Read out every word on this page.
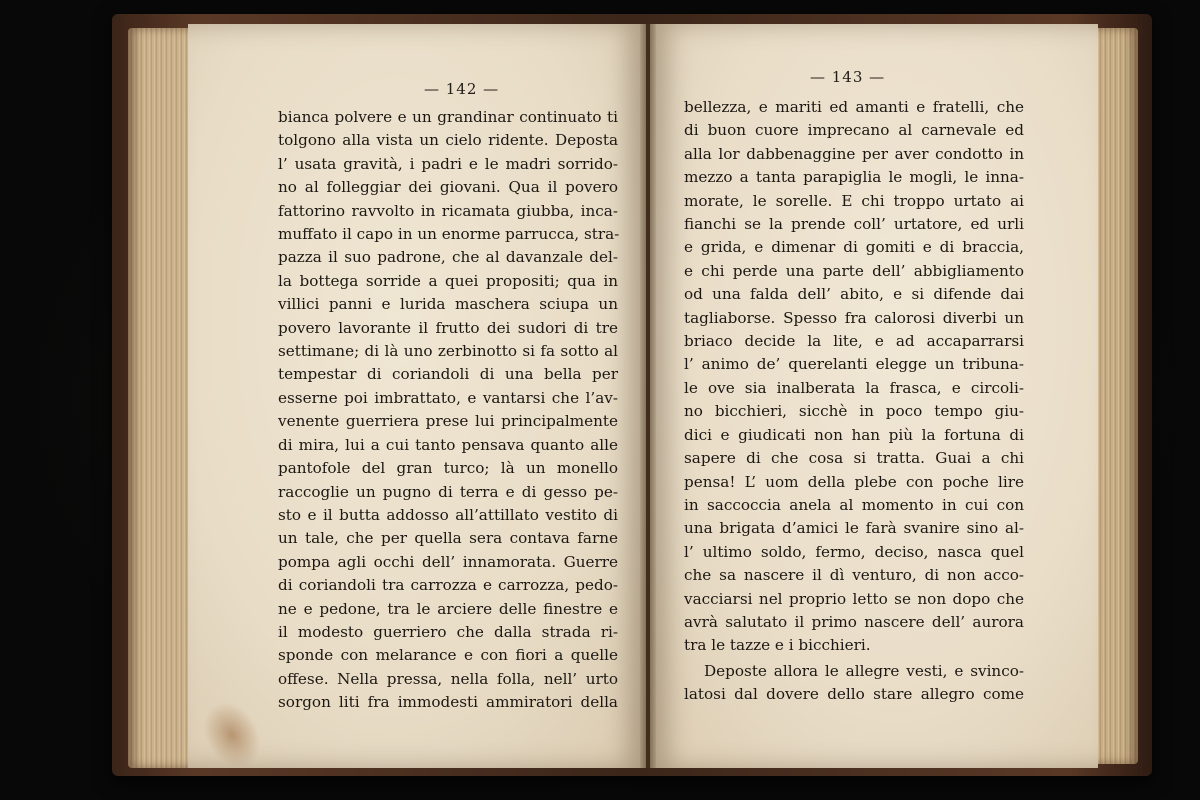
— 142 —
bianca polvere e un grandinar continuato ti
tolgono alla vista un cielo ridente. Deposta
l’ usata gravità, i padri e le madri sorrido-
no al folleggiar dei giovani. Qua il povero
fattorino ravvolto in ricamata giubba, inca-
muffato il capo in un enorme parrucca, stra-
pazza il suo padrone, che al davanzale del-
la bottega sorride a quei propositi; qua in
villici panni e lurida maschera sciupa un
povero lavorante il frutto dei sudori di tre
settimane; di là uno zerbinotto si fa sotto al
tempestar di coriandoli di una bella per
esserne poi imbrattato, e vantarsi che l’av-
venente guerriera prese lui principalmente
di mira, lui a cui tanto pensava quanto alle
pantofole del gran turco; là un monello
raccoglie un pugno di terra e di gesso pe-
sto e il butta addosso all’attillato vestito di
un tale, che per quella sera contava farne
pompa agli occhi dell’ innamorata. Guerre
di coriandoli tra carrozza e carrozza, pedo-
ne e pedone, tra le arciere delle finestre e
il modesto guerriero che dalla strada ri-
sponde con melarance e con fiori a quelle
offese. Nella pressa, nella folla, nell’ urto
sorgon liti fra immodesti ammiratori della
— 143 —
bellezza, e mariti ed amanti e fratelli, che
di buon cuore imprecano al carnevale ed
alla lor dabbenaggine per aver condotto in
mezzo a tanta parapiglia le mogli, le inna-
morate, le sorelle. E chi troppo urtato ai
fianchi se la prende coll’ urtatore, ed urli
e grida, e dimenar di gomiti e di braccia,
e chi perde una parte dell’ abbigliamento
od una falda dell’ abito, e si difende dai
tagliaborse. Spesso fra calorosi diverbi un
briaco decide la lite, e ad accaparrarsi
l’ animo de’ querelanti elegge un tribuna-
le ove sia inalberata la frasca, e circoli-
no bicchieri, sicchè in poco tempo giu-
dici e giudicati non han più la fortuna di
sapere di che cosa si tratta. Guai a chi
pensa! L’ uom della plebe con poche lire
in saccoccia anela al momento in cui con
una brigata d’amici le farà svanire sino al-
l’ ultimo soldo, fermo, deciso, nasca quel
che sa nascere il dì venturo, di non acco-
vacciarsi nel proprio letto se non dopo che
avrà salutato il primo nascere dell’ aurora
tra le tazze e i bicchieri.
Deposte allora le allegre vesti, e svinco-
latosi dal dovere dello stare allegro come
